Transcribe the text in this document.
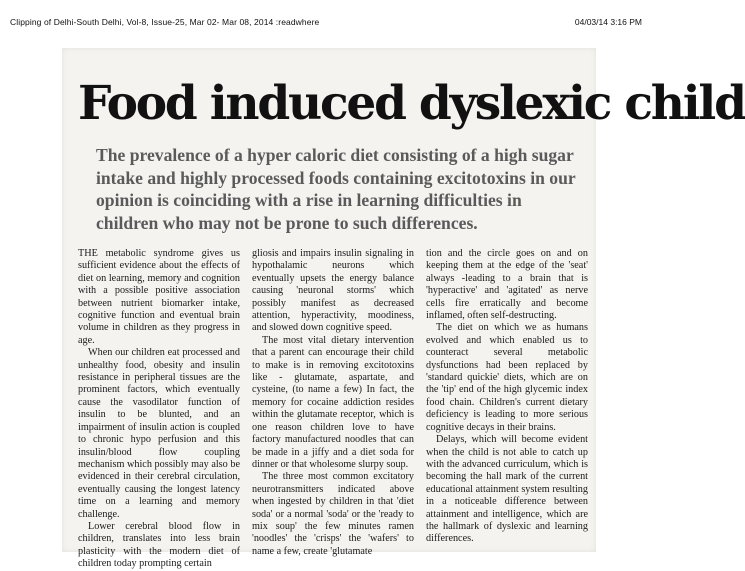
Clipping of Delhi-South Delhi, Vol-8, Issue-25, Mar 02- Mar 08, 2014 :readwhere	04/03/14 3:16 PM
Food induced dyslexic child
The prevalence of a hyper caloric diet consisting of a high sugar intake and highly processed foods containing excitotoxins in our opinion is coinciding with a rise in learning difficulties in children who may not be prone to such differences.

THE metabolic syndrome gives us sufficient evidence about the effects of diet on learning, memory and cognition with a possible positive association between nutrient biomarker intake, cognitive function and eventual brain volume in children as they progress in age.

When our children eat processed and unhealthy food, obesity and insulin resistance in peripheral tissues are the prominent factors, which eventually cause the vasodilator function of insulin to be blunted, and an impairment of insulin action is coupled to chronic hypo perfusion and this insulin/blood flow coupling mechanism which possibly may also be evidenced in their cerebral circulation, eventually causing the longest latency time on a learning and memory challenge.

Lower cerebral blood flow in children, translates into less brain plasticity with the modern diet of children today prompting certain

gliosis and impairs insulin signaling in hypothalamic neurons which eventually upsets the energy balance causing 'neuronal storms' which possibly manifest as decreased attention, hyperactivity, moodiness, and slowed down cognitive speed.

The most vital dietary intervention that a parent can encourage their child to make is in removing excitotoxins like - glutamate, aspartate, and cysteine, (to name a few) In fact, the memory for cocaine addiction resides within the glutamate receptor, which is one reason children love to have factory manufactured noodles that can be made in a jiffy and a diet soda for dinner or that wholesome slurpy soup.

The three most common excitatory neurotransmitters indicated above when ingested by children in that 'diet soda' or a normal 'soda' or the 'ready to mix soup' the few minutes ramen 'noodles' the 'crisps' the 'wafers' to name a few, create 'glutamate

tion and the circle goes on and on keeping them at the edge of the 'seat' always -leading to a brain that is 'hyperactive' and 'agitated' as nerve cells fire erratically and become inflamed, often self-destructing.

The diet on which we as humans evolved and which enabled us to counteract several metabolic dysfunctions had been replaced by 'standard quickie' diets, which are on the 'tip' end of the high glycemic index food chain. Children's current dietary deficiency is leading to more serious cognitive decays in their brains.

Delays, which will become evident when the child is not able to catch up with the advanced curriculum, which is becoming the hall mark of the current educational attainment system resulting in a noticeable difference between attainment and intelligence, which are the hallmark of dyslexic and learning differences.
